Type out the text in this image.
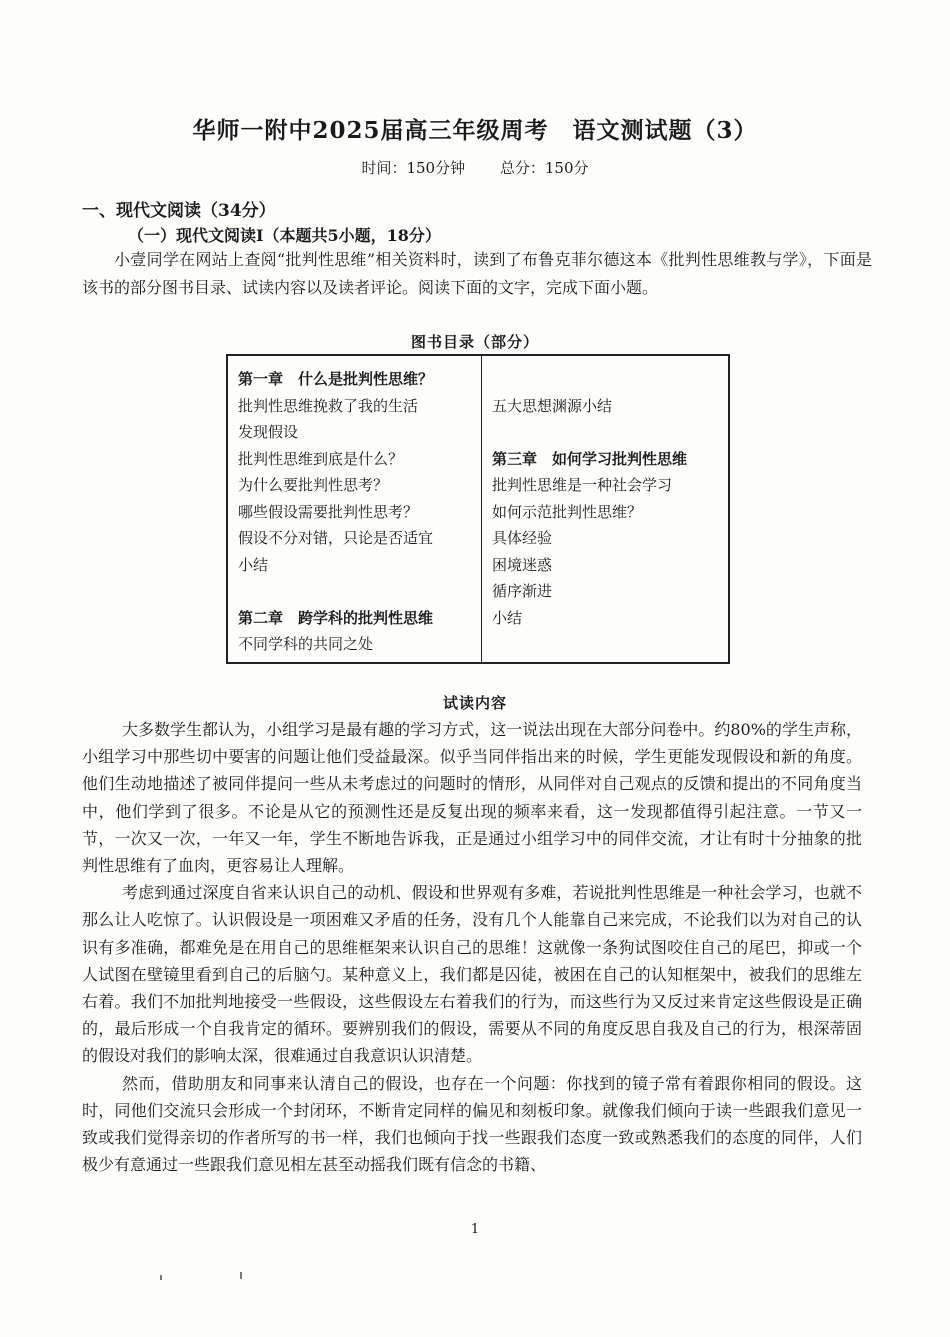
华师一附中2025届高三年级周考　语文测试题（3）
时间：150分钟 总分：150分
一、现代文阅读（34分）
（一）现代文阅读Ⅰ（本题共5小题，18分）
小壹同学在网站上查阅“批判性思维”相关资料时，读到了布鲁克菲尔德这本《批判性思维教与学》，下面是该书的部分图书目录、试读内容以及读者评论。阅读下面的文字，完成下面小题。
图书目录（部分）
第一章　什么是批判性思维？
批判性思维挽救了我的生活
发现假设
批判性思维到底是什么？
为什么要批判性思考？
哪些假设需要批判性思考？
假设不分对错，只论是否适宜
小结
第二章　跨学科的批判性思维
不同学科的共同之处
五大思想渊源小结
第三章　如何学习批判性思维
批判性思维是一种社会学习
如何示范批判性思维？
具体经验
困境迷惑
循序渐进
小结
试读内容

大多数学生都认为，小组学习是最有趣的学习方式，这一说法出现在大部分问卷中。约80%的学生声称，小组学习中那些切中要害的问题让他们受益最深。似乎当同伴指出来的时候，学生更能发现假设和新的角度。他们生动地描述了被同伴提问一些从未考虑过的问题时的情形，从同伴对自己观点的反馈和提出的不同角度当中，他们学到了很多。不论是从它的预测性还是反复出现的频率来看，这一发现都值得引起注意。一节又一节，一次又一次，一年又一年，学生不断地告诉我，正是通过小组学习中的同伴交流，才让有时十分抽象的批判性思维有了血肉，更容易让人理解。

考虑到通过深度自省来认识自己的动机、假设和世界观有多难，若说批判性思维是一种社会学习，也就不那么让人吃惊了。认识假设是一项困难又矛盾的任务，没有几个人能靠自己来完成，不论我们以为对自己的认识有多准确，都难免是在用自己的思维框架来认识自己的思维！这就像一条狗试图咬住自己的尾巴，抑或一个人试图在壁镜里看到自己的后脑勺。某种意义上，我们都是囚徒，被困在自己的认知框架中，被我们的思维左右着。我们不加批判地接受一些假设，这些假设左右着我们的行为，而这些行为又反过来肯定这些假设是正确的，最后形成一个自我肯定的循环。要辨别我们的假设，需要从不同的角度反思自我及自己的行为，根深蒂固的假设对我们的影响太深，很难通过自我意识认识清楚。

然而，借助朋友和同事来认清自己的假设，也存在一个问题：你找到的镜子常有着跟你相同的假设。这时，同他们交流只会形成一个封闭环，不断肯定同样的偏见和刻板印象。就像我们倾向于读一些跟我们意见一致或我们觉得亲切的作者所写的书一样，我们也倾向于找一些跟我们态度一致或熟悉我们的态度的同伴，人们极少有意通过一些跟我们意见相左甚至动摇我们既有信念的书籍、

1
